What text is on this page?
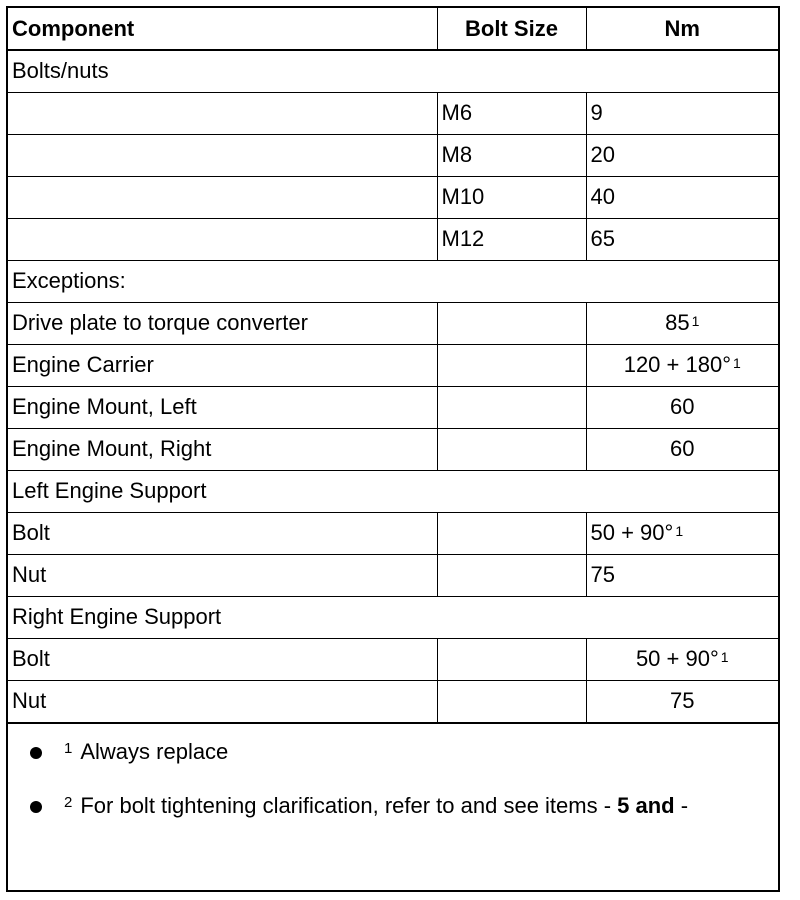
Component	Bolt Size	Nm
Bolts/nuts		
	M6	9
	M8	20
	M10	40
	M12	65
Exceptions:		
Drive plate to torque converter		85 $^1$
Engine Carrier		120 + 180° $^1$
Engine Mount, Left		60
Engine Mount, Right		60
Left Engine Support		
Bolt		50 + 90° $^1$
Nut		75
Right Engine Support		
Bolt		50 + 90° $^1$
Nut		75
$^1$ Always replace
$^2$ For bolt tightening clarification, refer to and see items - 5 and -
